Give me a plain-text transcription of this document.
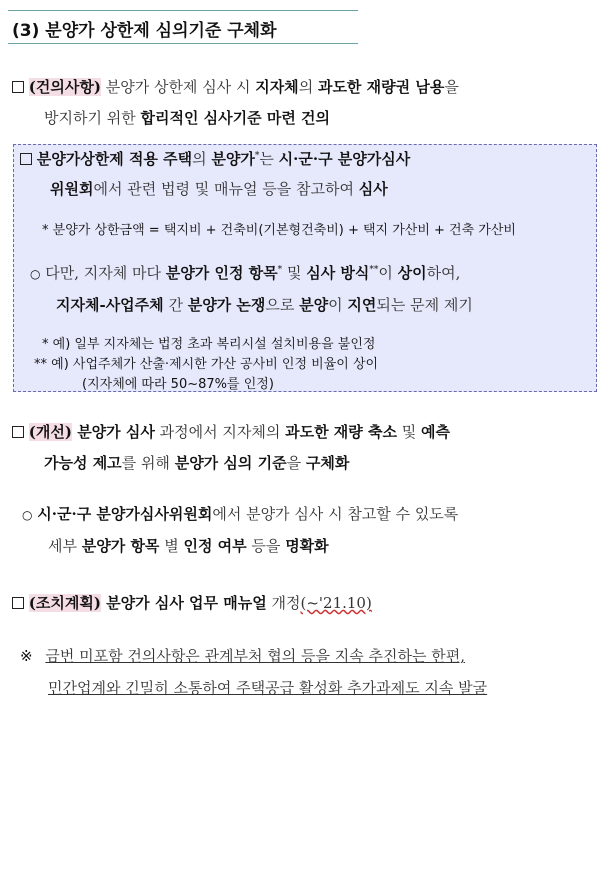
(3) 분양가 상한제 심의기준 구체화
(건의사항) 분양가 상한제 심사 시 지자체의 과도한 재량권 남용을
방지하기 위한 합리적인 심사기준 마련 건의
분양가상한제 적용 주택의 분양가*는 시·군·구 분양가심사
위원회에서 관련 법령 및 매뉴얼 등을 참고하여 심사
* 분양가 상한금액 = 택지비 + 건축비(기본형건축비) + 택지 가산비 + 건축 가산비
○ 다만, 지자체 마다 분양가 인정 항목* 및 심사 방식**이 상이하여,
지자체-사업주체 간 분양가 논쟁으로 분양이 지연되는 문제 제기
* 예) 일부 지자체는 법정 초과 복리시설 설치비용을 불인정
** 예) 사업주체가 산출·제시한 가산 공사비 인정 비율이 상이
(지자체에 따라 50~87%를 인정)
(개선) 분양가 심사 과정에서 지자체의 과도한 재량 축소 및 예측
가능성 제고를 위해 분양가 심의 기준을 구체화
○ 시·군·구 분양가심사위원회에서 분양가 심사 시 참고할 수 있도록
세부 분양가 항목 별 인정 여부 등을 명확화
(조치계획) 분양가 심사 업무 매뉴얼 개정(~'21.10)
※ 금번 미포함 건의사항은 관계부처 협의 등을 지속 추진하는 한편,
민간업계와 긴밀히 소통하여 주택공급 활성화 추가과제도 지속 발굴
